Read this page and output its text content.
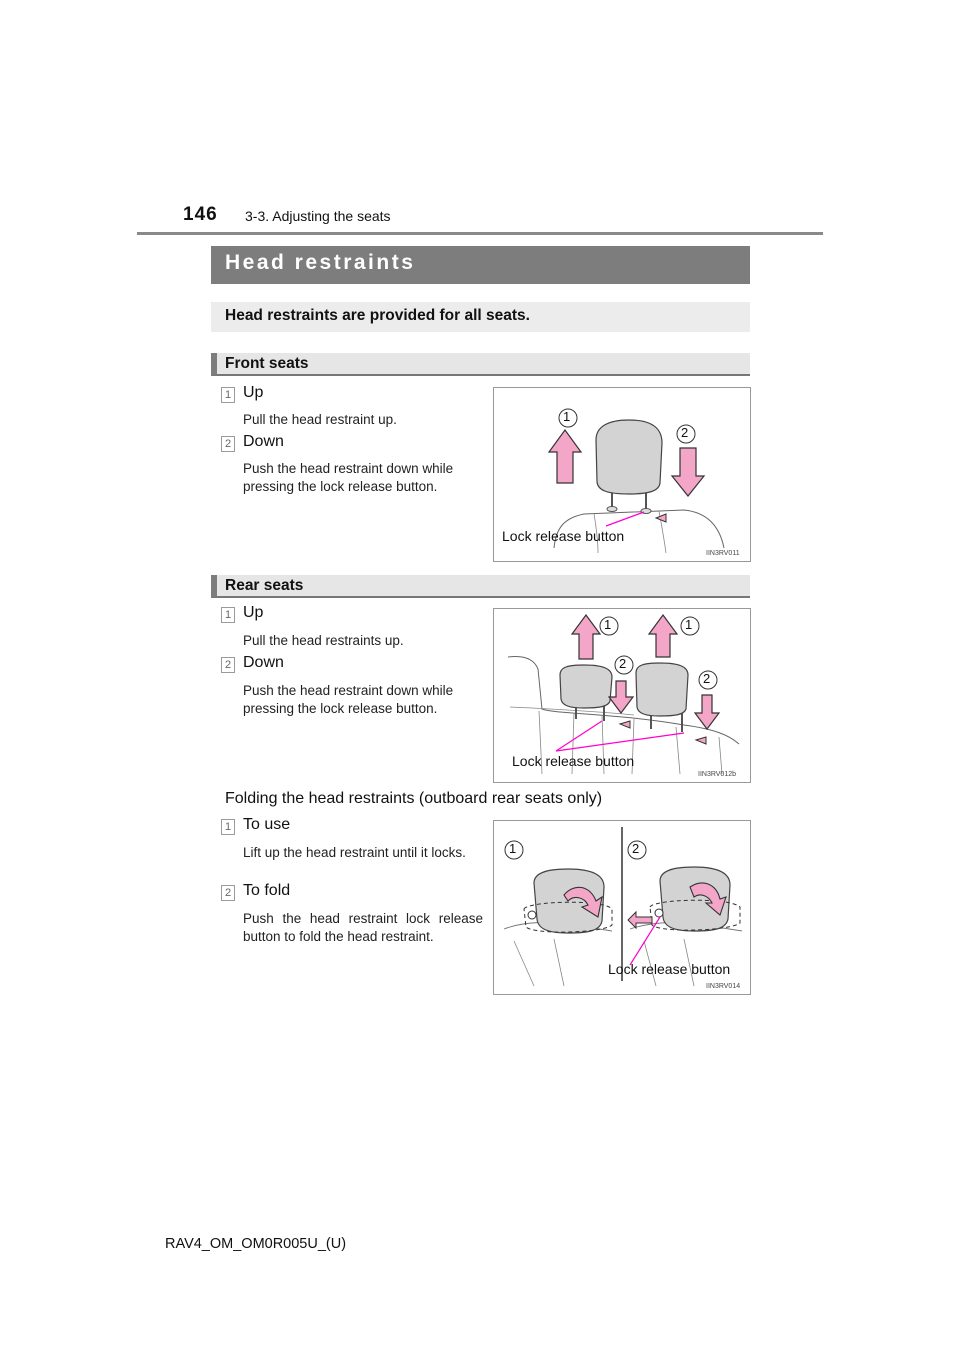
146 3-3. Adjusting the seats
Head restraints
Head restraints are provided for all seats.
Front seats
1 Up
Pull the head restraint up.
2 Down
Push the head restraint down while pressing the lock release button.
1
2
Lock release button
IIN3RV011
Rear seats
1 Up
Pull the head restraints up.
2 Down
Push the head restraint down while pressing the lock release button.
1	1
2
2
Lock release button
IIN3RV012b
Folding the head restraints (outboard rear seats only)
1 To use
Lift up the head restraint until it locks.
2 To fold
Push the head restraint lock release button to fold the head restraint.
1	2
Lock release button
IIN3RV014
RAV4_OM_OM0R005U_(U)
